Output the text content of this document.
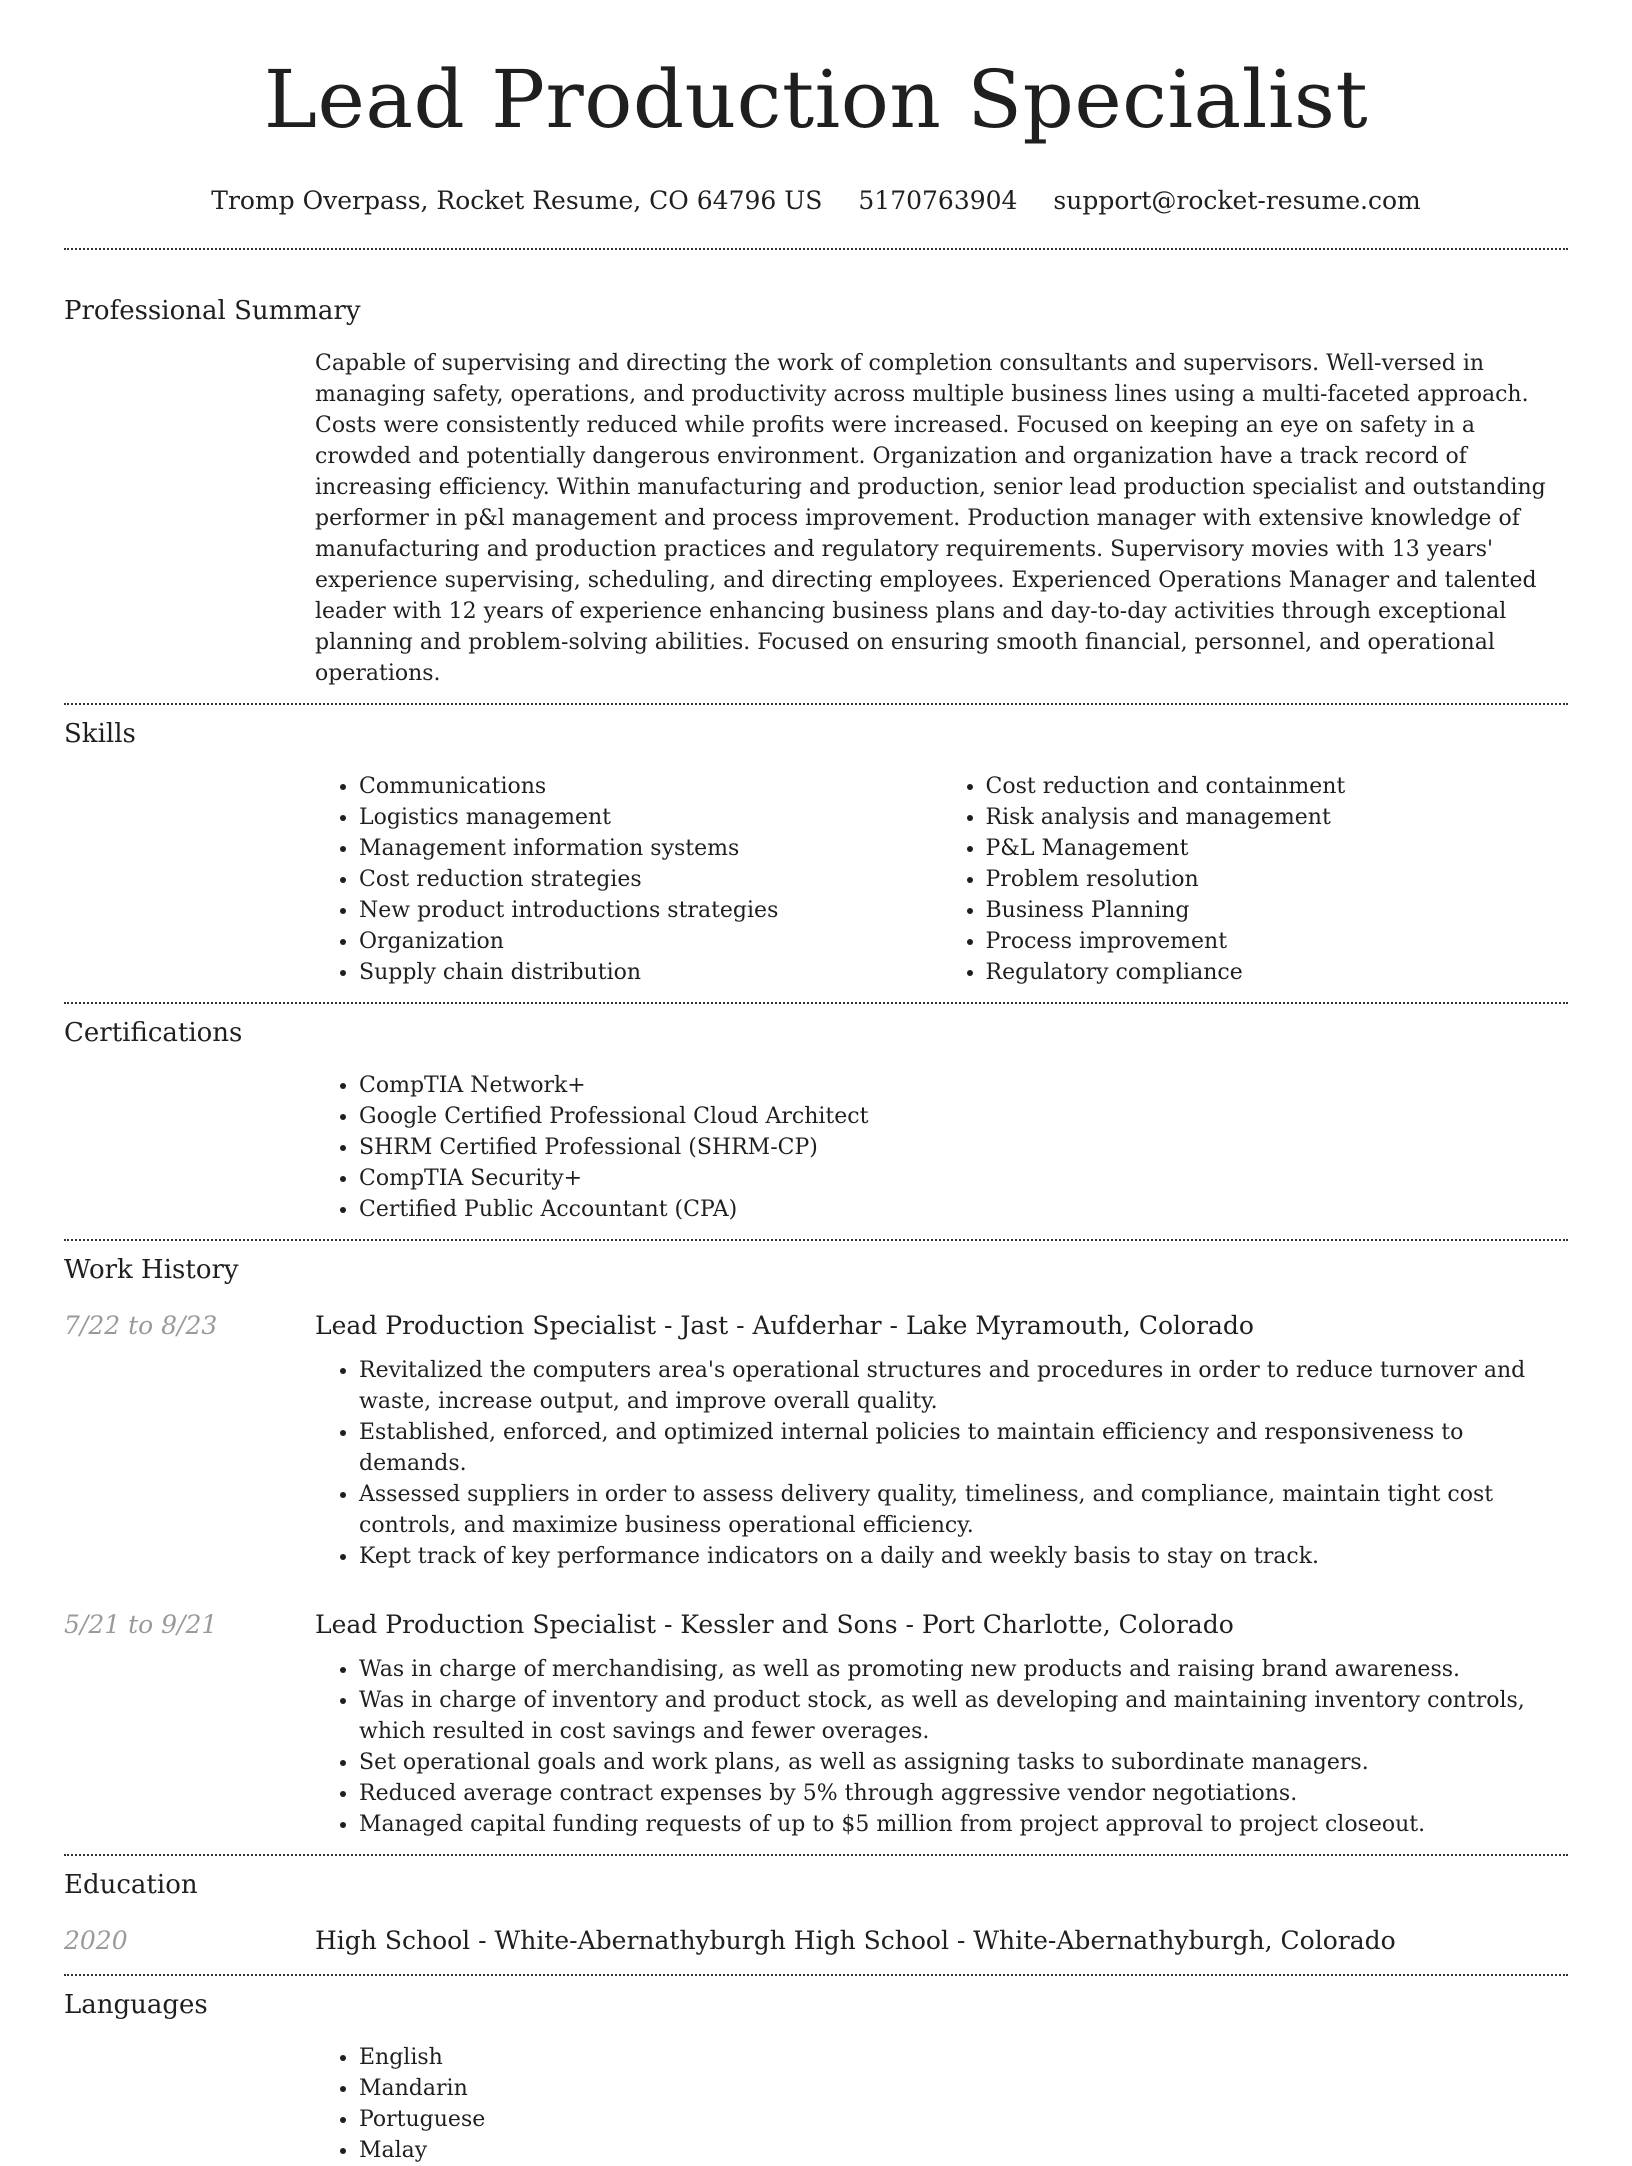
Lead Production Specialist
Tromp Overpass, Rocket Resume, CO 64796 US 5170763904 support@rocket-resume.com
Professional Summary

Capable of supervising and directing the work of completion consultants and supervisors. Well-versed in managing safety, operations, and productivity across multiple business lines using a multi-faceted approach. Costs were consistently reduced while profits were increased. Focused on keeping an eye on safety in a crowded and potentially dangerous environment. Organization and organization have a track record of increasing efficiency. Within manufacturing and production, senior lead production specialist and outstanding performer in p&l management and process improvement. Production manager with extensive knowledge of manufacturing and production practices and regulatory requirements. Supervisory movies with 13 years' experience supervising, scheduling, and directing employees. Experienced Operations Manager and talented leader with 12 years of experience enhancing business plans and day-to-day activities through exceptional planning and problem-solving abilities. Focused on ensuring smooth financial, personnel, and operational operations.

Skills
• Communications
• Logistics management
• Management information systems
• Cost reduction strategies
• New product introductions strategies
• Organization
• Supply chain distribution
• Cost reduction and containment
• Risk analysis and management
• P&L Management
• Problem resolution
• Business Planning
• Process improvement
• Regulatory compliance
Certifications
• CompTIA Network+
• Google Certified Professional Cloud Architect
• SHRM Certified Professional (SHRM-CP)
• CompTIA Security+
• Certified Public Accountant (CPA)
Work History
7/22 to 8/23	Lead Production Specialist - Jast - Aufderhar - Lake Myramouth, Colorado
• Revitalized the computers area's operational structures and procedures in order to reduce turnover and waste, increase output, and improve overall quality.
• Established, enforced, and optimized internal policies to maintain efficiency and responsiveness to demands.
• Assessed suppliers in order to assess delivery quality, timeliness, and compliance, maintain tight cost controls, and maximize business operational efficiency.
• Kept track of key performance indicators on a daily and weekly basis to stay on track.
5/21 to 9/21	Lead Production Specialist - Kessler and Sons - Port Charlotte, Colorado
• Was in charge of merchandising, as well as promoting new products and raising brand awareness.
• Was in charge of inventory and product stock, as well as developing and maintaining inventory controls, which resulted in cost savings and fewer overages.
• Set operational goals and work plans, as well as assigning tasks to subordinate managers.
• Reduced average contract expenses by 5% through aggressive vendor negotiations.
• Managed capital funding requests of up to $5 million from project approval to project closeout.
Education
2020	High School - White-Abernathyburgh High School - White-Abernathyburgh, Colorado
Languages
• English
• Mandarin
• Portuguese
• Malay
